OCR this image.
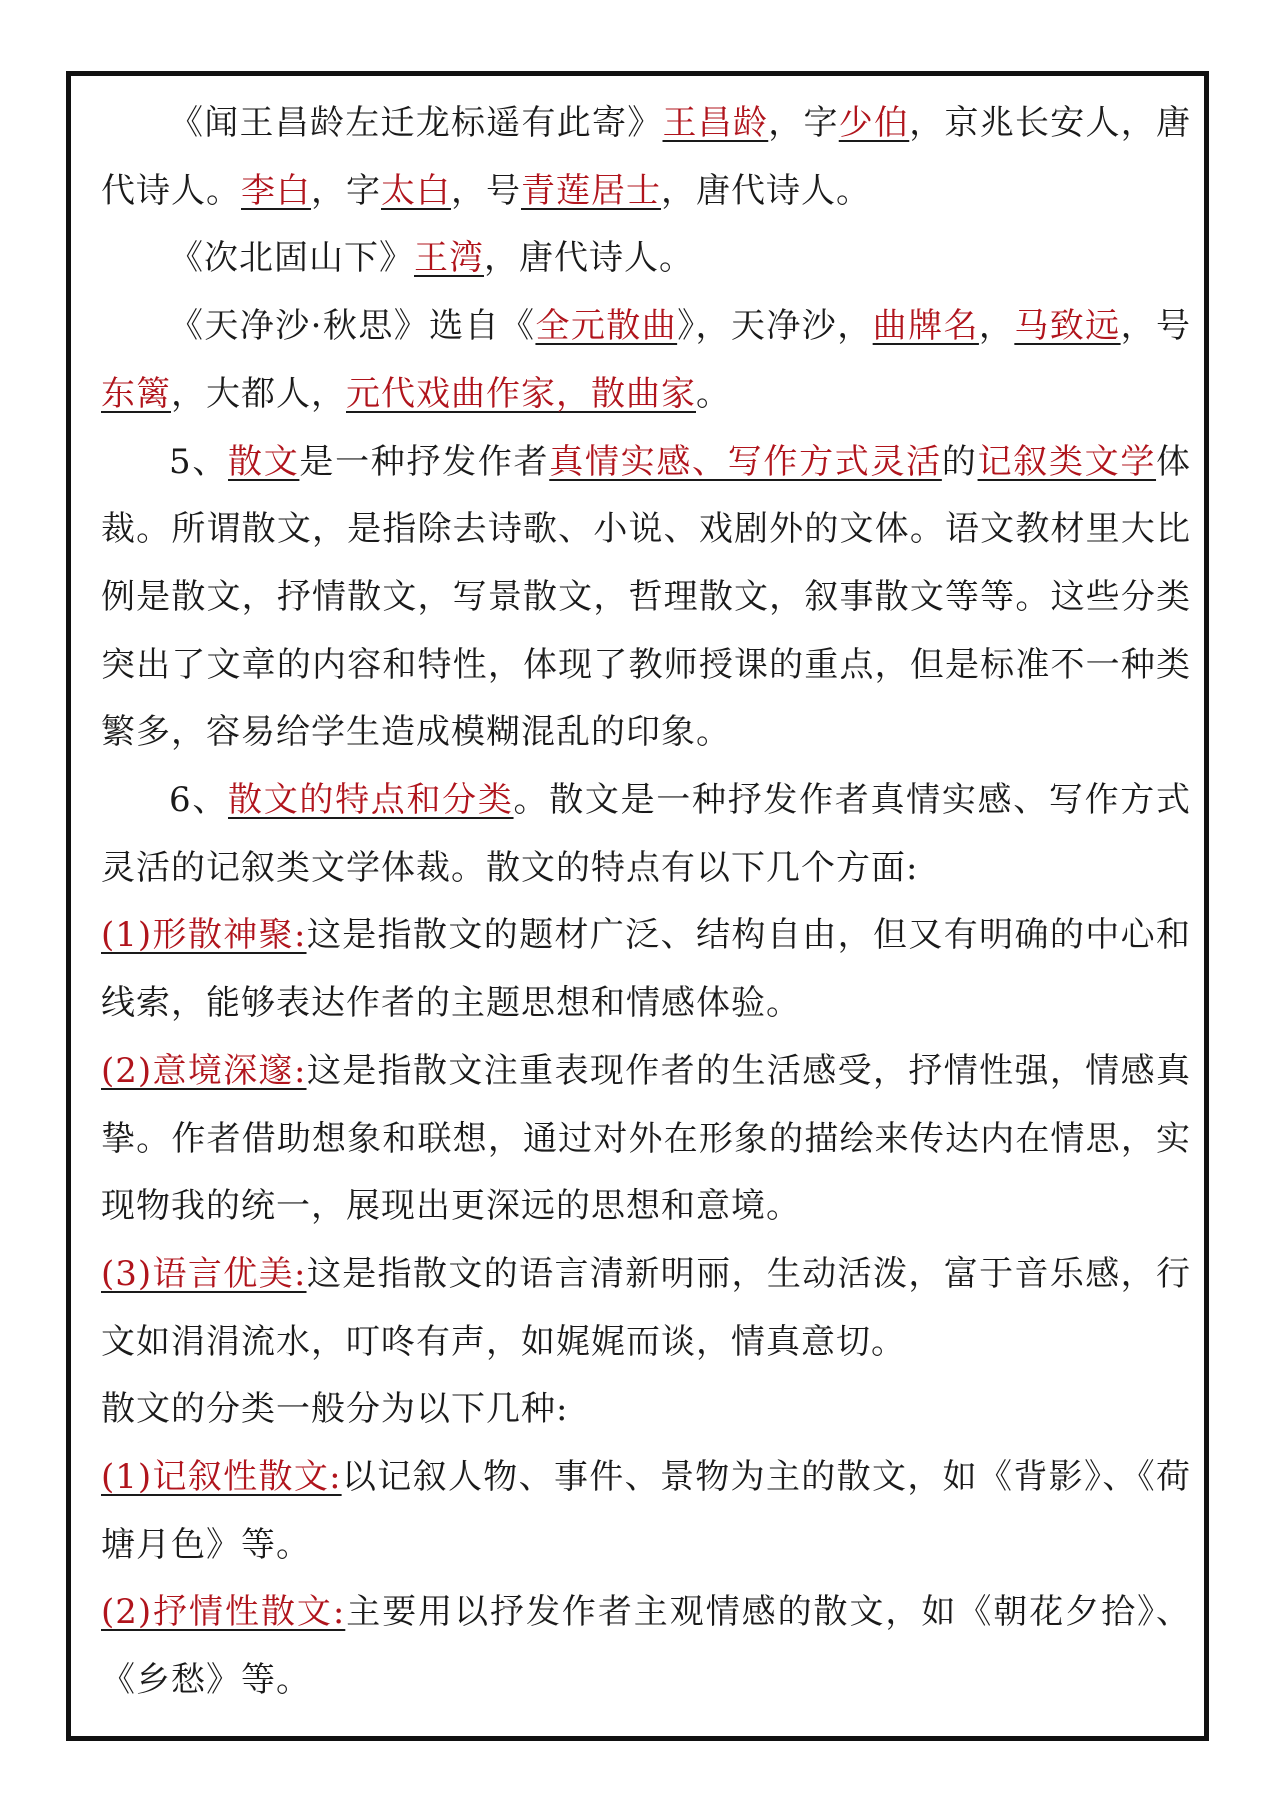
《闻王昌龄左迁龙标遥有此寄》王昌龄，字少伯，京兆长安人，唐代诗人。李白，字太白，号青莲居士，唐代诗人。

《次北固山下》王湾，唐代诗人。

《天净沙·秋思》选自《全元散曲》，天净沙，曲牌名，马致远，号东篱，大都人，元代戏曲作家，散曲家。

5、散文是一种抒发作者真情实感、写作方式灵活的记叙类文学体裁。所谓散文，是指除去诗歌、小说、戏剧外的文体。语文教材里大比例是散文，抒情散文，写景散文，哲理散文，叙事散文等等。这些分类突出了文章的内容和特性，体现了教师授课的重点，但是标准不一种类繁多，容易给学生造成模糊混乱的印象。

6、散文的特点和分类。散文是一种抒发作者真情实感、写作方式灵活的记叙类文学体裁。散文的特点有以下几个方面:

(1)形散神聚:这是指散文的题材广泛、结构自由，但又有明确的中心和线索，能够表达作者的主题思想和情感体验。

(2)意境深邃:这是指散文注重表现作者的生活感受，抒情性强，情感真挚。作者借助想象和联想，通过对外在形象的描绘来传达内在情思，实现物我的统一，展现出更深远的思想和意境。

(3)语言优美:这是指散文的语言清新明丽，生动活泼，富于音乐感，行文如涓涓流水，叮咚有声，如娓娓而谈，情真意切。

散文的分类一般分为以下几种:

(1)记叙性散文:以记叙人物、事件、景物为主的散文，如《背影》、《荷塘月色》等。

(2)抒情性散文:主要用以抒发作者主观情感的散文，如《朝花夕拾》、《乡愁》等。
